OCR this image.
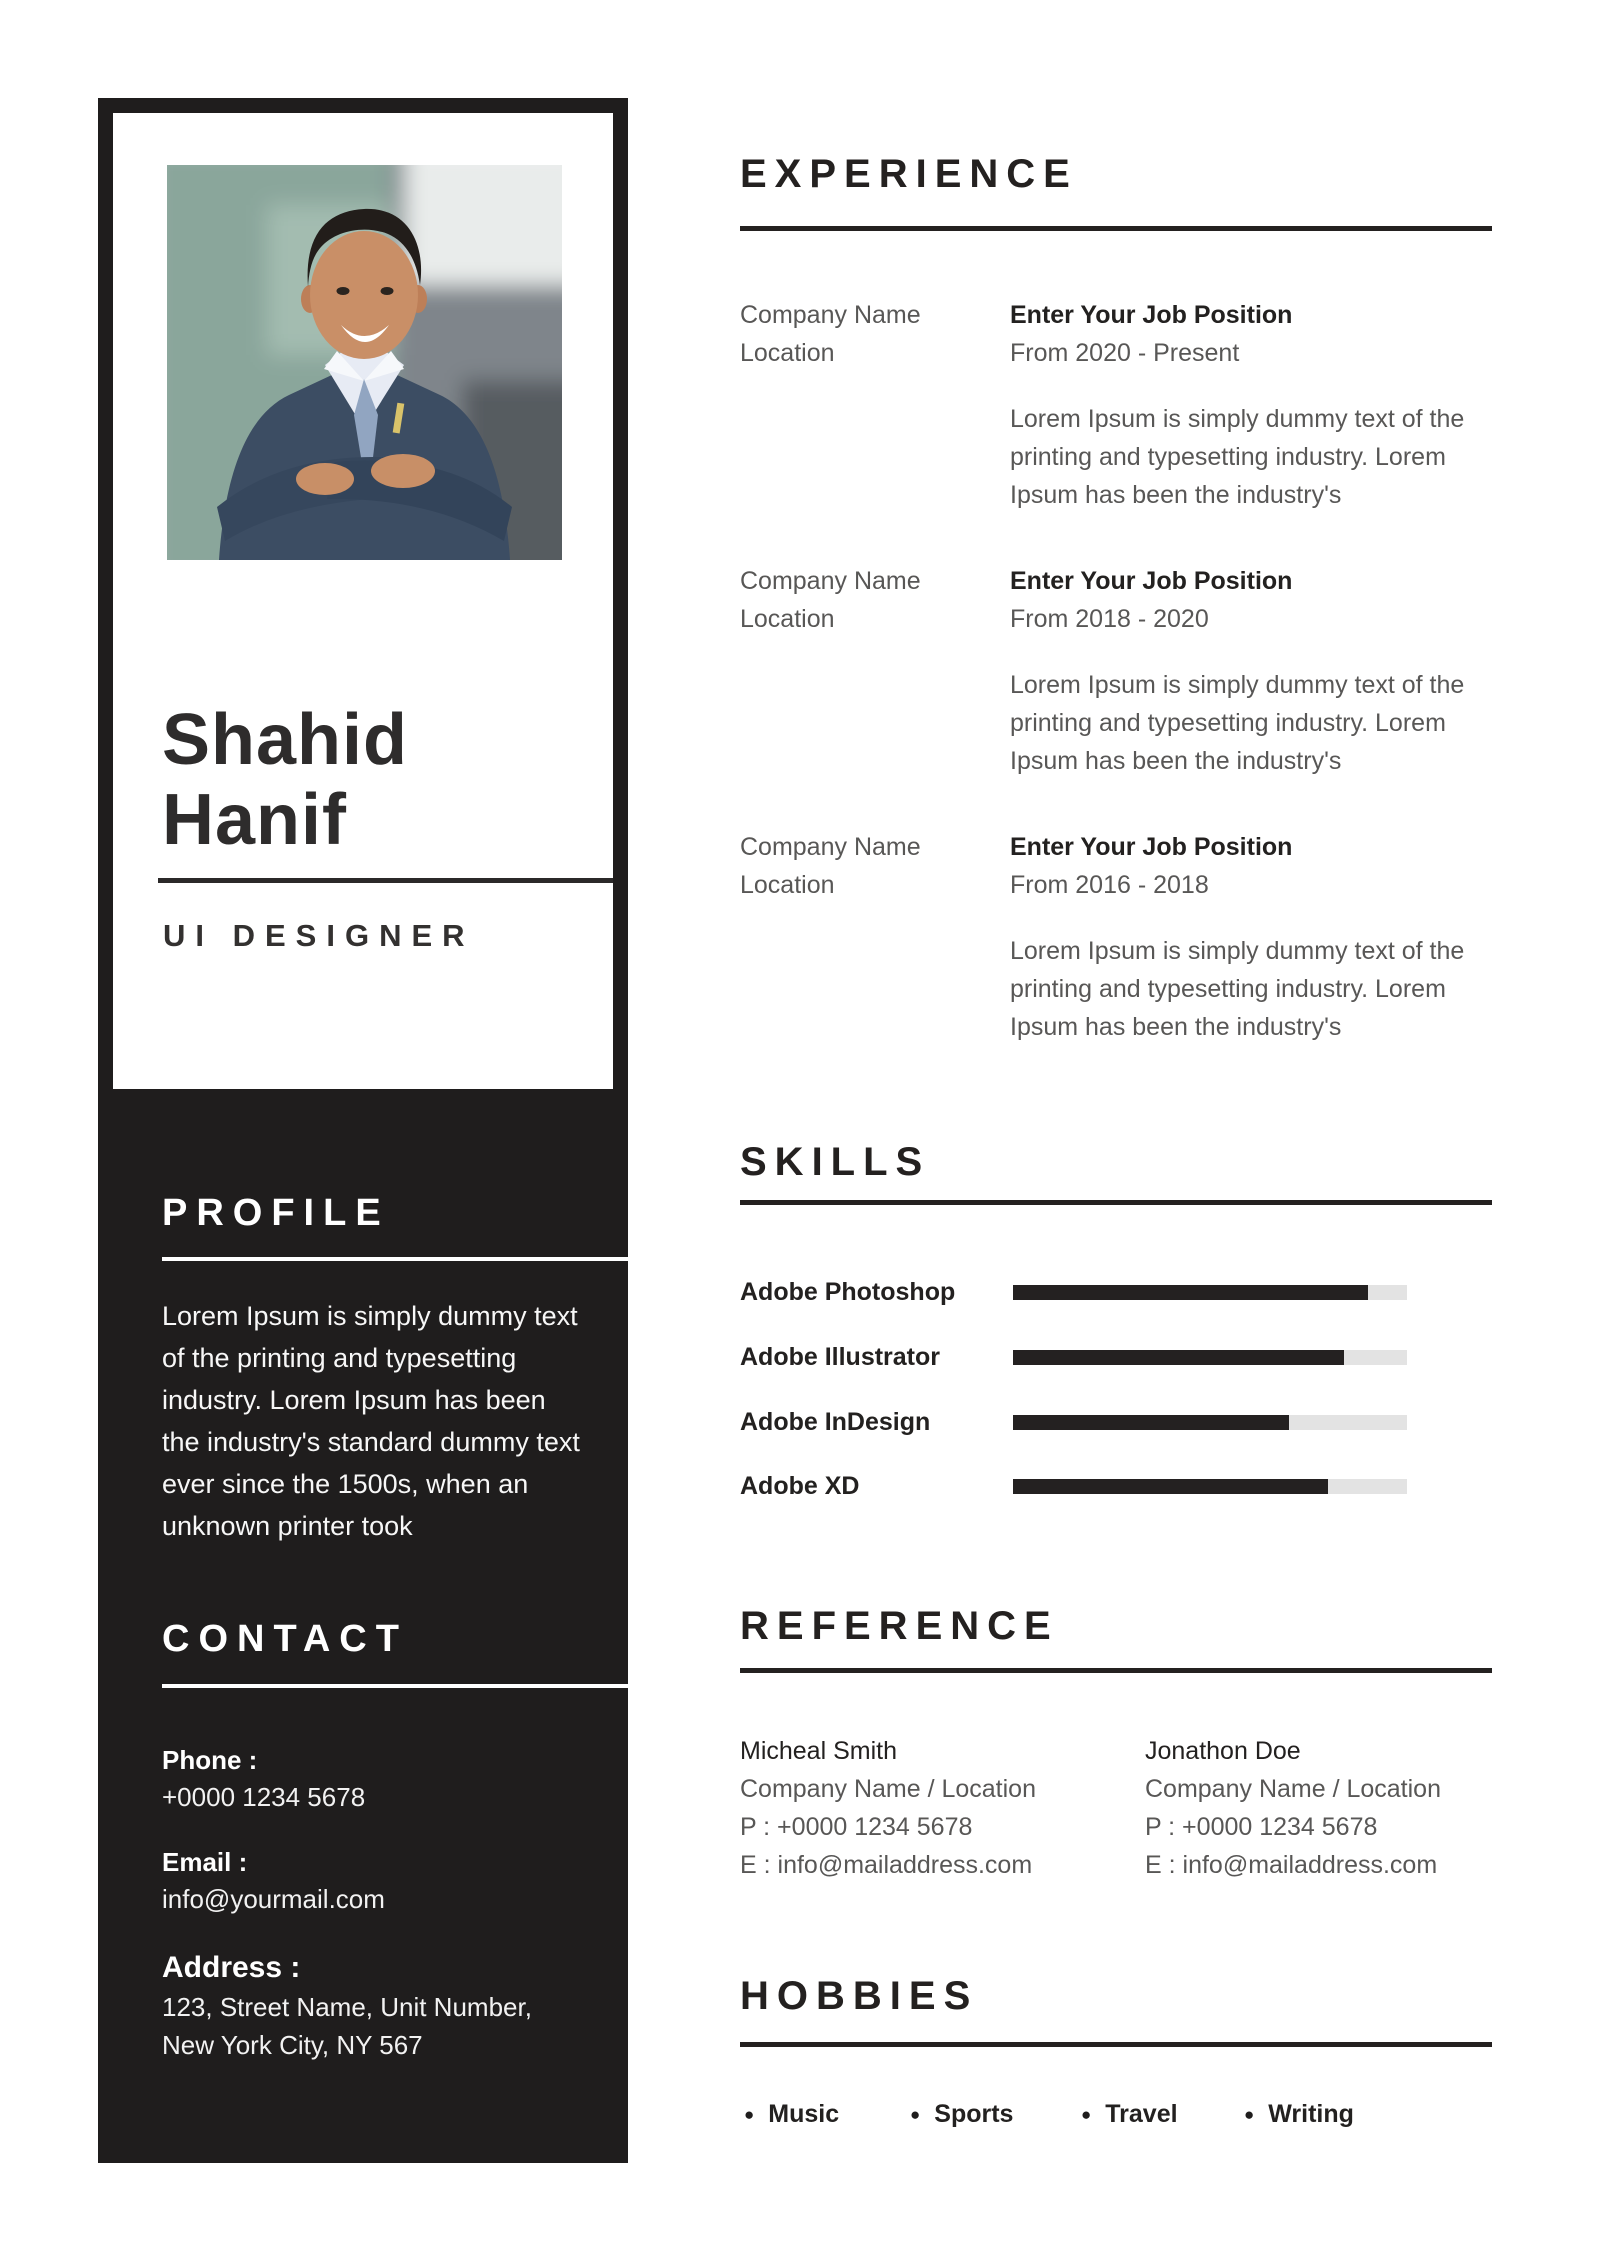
Shahid
Hanif
UI DESIGNER
PROFILE
Lorem Ipsum is simply dummy text of the printing and typesetting industry. Lorem Ipsum has been the industry's standard dummy text ever since the 1500s, when an unknown printer took
CONTACT
Phone :
+0000 1234 5678
Email :
info@yourmail.com
Address :
123, Street Name, Unit Number,
New York City, NY 567
EXPERIENCE
Company Name
Location
Enter Your Job Position
From 2020 - Present
Lorem Ipsum is simply dummy text of the printing and typesetting industry. Lorem Ipsum has been the industry's
Company Name
Location
Enter Your Job Position
From 2018 - 2020
Lorem Ipsum is simply dummy text of the printing and typesetting industry. Lorem Ipsum has been the industry's
Company Name
Location
Enter Your Job Position
From 2016 - 2018
Lorem Ipsum is simply dummy text of the printing and typesetting industry. Lorem Ipsum has been the industry's
SKILLS
Adobe Photoshop
Adobe Illustrator
Adobe InDesign
Adobe XD
REFERENCE
Micheal Smith
Company Name / Location
P : +0000 1234 5678
E : info@mailaddress.com
Jonathon Doe
Company Name / Location
P : +0000 1234 5678
E : info@mailaddress.com
HOBBIES
● Music	● Sports	● Travel	● Writing
